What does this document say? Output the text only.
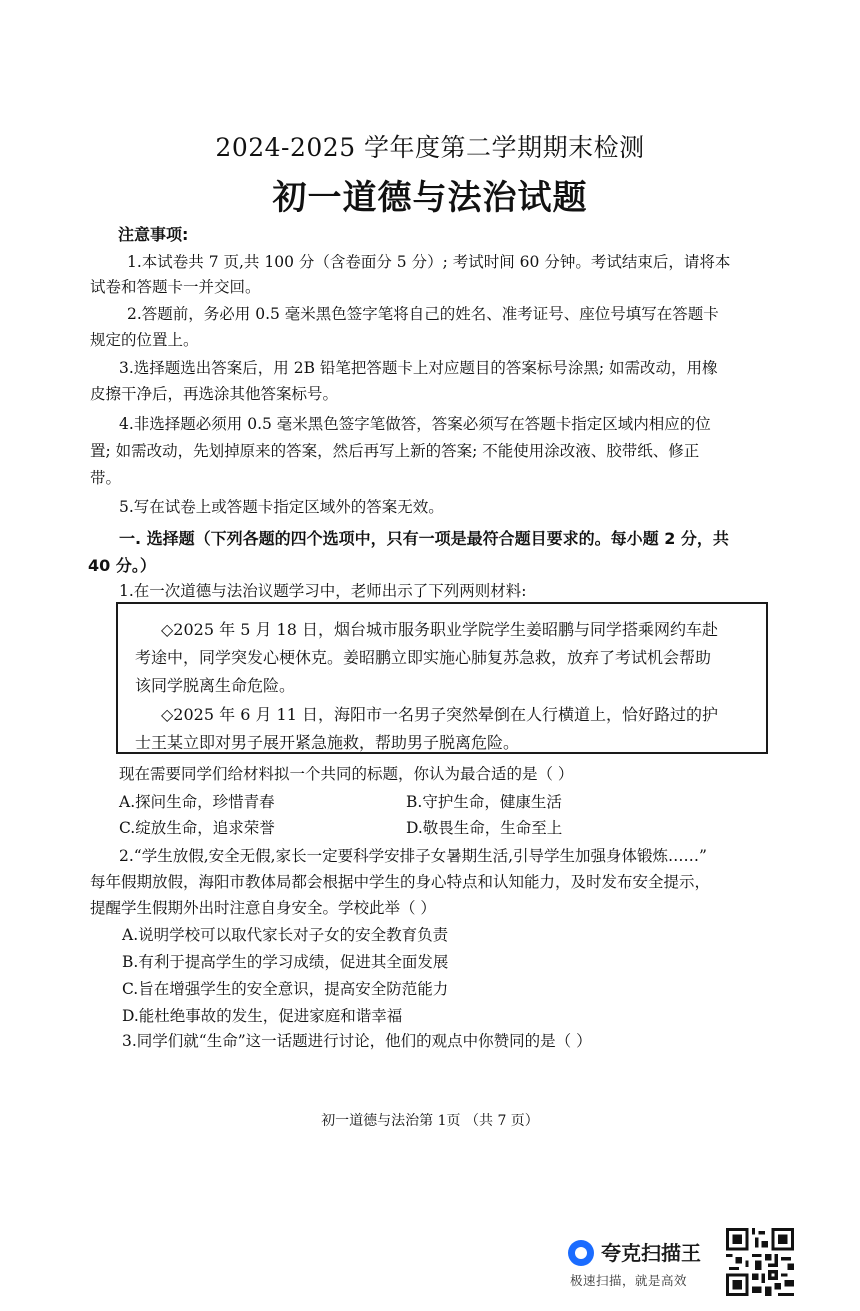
2024-2025 学年度第二学期期末检测
初一道德与法治试题
注意事项:
1.本试卷共 7 页,共 100 分（含卷面分 5 分）; 考试时间 60 分钟。考试结束后，请将本
试卷和答题卡一并交回。
2.答题前，务必用 0.5 毫米黑色签字笔将自己的姓名、准考证号、座位号填写在答题卡
规定的位置上。
3.选择题选出答案后，用 2B 铅笔把答题卡上对应题目的答案标号涂黑; 如需改动，用橡
皮擦干净后，再选涂其他答案标号。
4.非选择题必须用 0.5 毫米黑色签字笔做答，答案必须写在答题卡指定区域内相应的位
置; 如需改动，先划掉原来的答案，然后再写上新的答案; 不能使用涂改液、胶带纸、修正
带。
5.写在试卷上或答题卡指定区域外的答案无效。
一. 选择题（下列各题的四个选项中，只有一项是最符合题目要求的。每小题 2 分，共
40 分。）
1.在一次道德与法治议题学习中，老师出示了下列两则材料:
◇2025 年 5 月 18 日，烟台城市服务职业学院学生姜昭鹏与同学搭乘网约车赴
考途中，同学突发心梗休克。姜昭鹏立即实施心肺复苏急救，放弃了考试机会帮助
该同学脱离生命危险。
◇2025 年 6 月 11 日，海阳市一名男子突然晕倒在人行横道上，恰好路过的护
士王某立即对男子展开紧急施救，帮助男子脱离危险。
现在需要同学们给材料拟一个共同的标题，你认为最合适的是（ ）
A.探问生命，珍惜青春	B.守护生命，健康生活
C.绽放生命，追求荣誉	D.敬畏生命，生命至上
2.“学生放假,安全无假,家长一定要科学安排子女暑期生活,引导学生加强身体锻炼……”
每年假期放假，海阳市教体局都会根据中学生的身心特点和认知能力，及时发布安全提示，
提醒学生假期外出时注意自身安全。学校此举（ ）
A.说明学校可以取代家长对子女的安全教育负责
B.有利于提高学生的学习成绩，促进其全面发展
C.旨在增强学生的安全意识，提高安全防范能力
D.能杜绝事故的发生，促进家庭和谐幸福
3.同学们就“生命”这一话题进行讨论，他们的观点中你赞同的是（ ）
初一道德与法治第 1页 （共 7 页）
夸克扫描王
极速扫描，就是高效
